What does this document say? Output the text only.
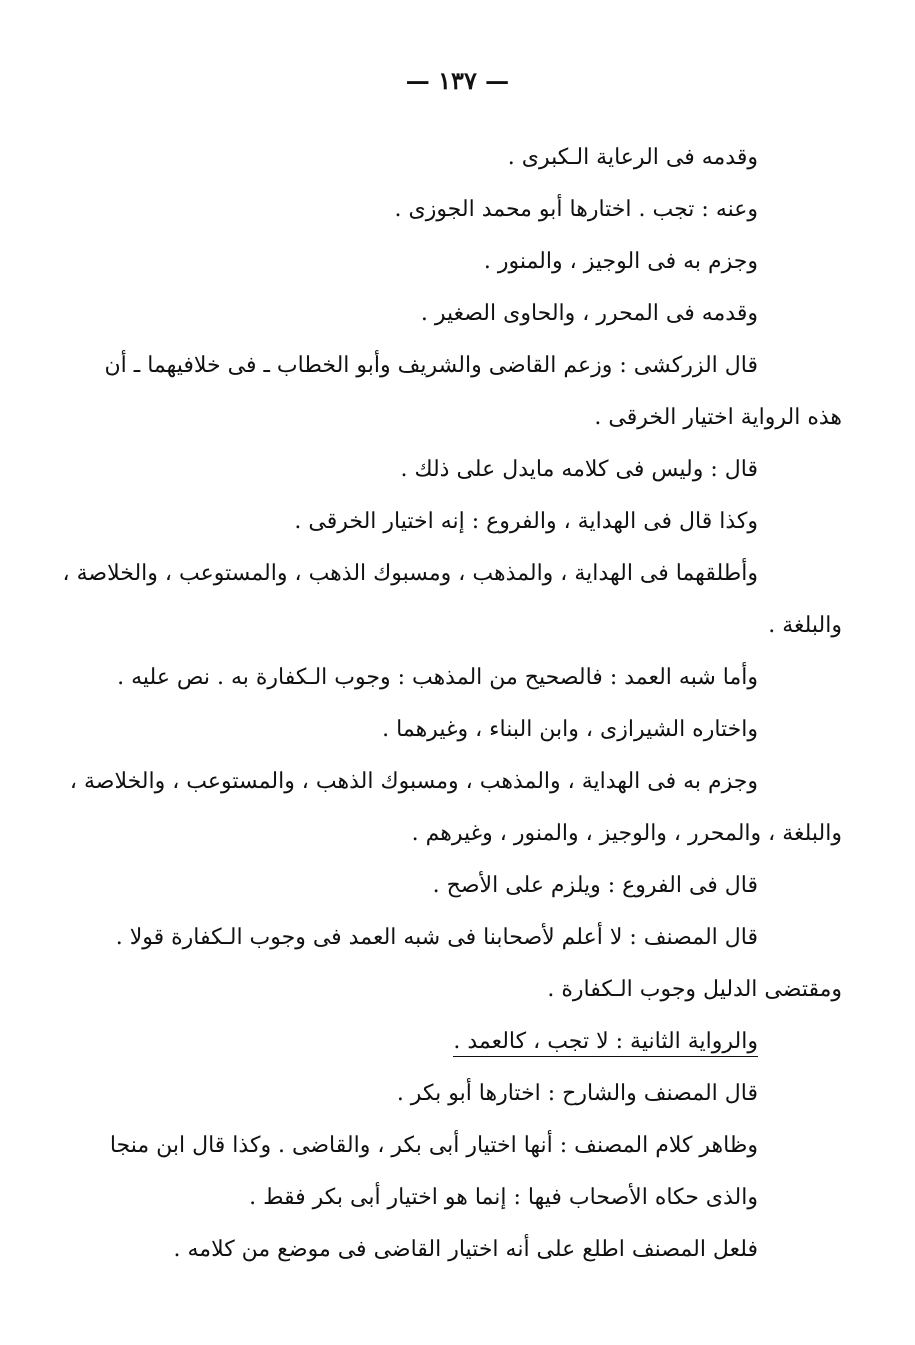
— ١٣٧ —
وقدمه فى الرعاية الـكبرى .
وعنه : تجب . اختارها أبو محمد الجوزى .
وجزم به فى الوجيز ، والمنور .
وقدمه فى المحرر ، والحاوى الصغير .
قال الزركشى : وزعم القاضى والشريف وأبو الخطاب ـ فى خلافيهما ـ أن
هذه الرواية اختيار الخرقى .
قال : وليس فى كلامه مايدل على ذلك .
وكذا قال فى الهداية ، والفروع : إنه اختيار الخرقى .
وأطلقهما فى الهداية ، والمذهب ، ومسبوك الذهب ، والمستوعب ، والخلاصة ،
والبلغة .
وأما شبه العمد : فالصحيح من المذهب : وجوب الـكفارة به . نص عليه .
واختاره الشيرازى ، وابن البناء ، وغيرهما .
وجزم به فى الهداية ، والمذهب ، ومسبوك الذهب ، والمستوعب ، والخلاصة ،
والبلغة ، والمحرر ، والوجيز ، والمنور ، وغيرهم .
قال فى الفروع : ويلزم على الأصح .
قال المصنف : لا أعلم لأصحابنا فى شبه العمد فى وجوب الـكفارة قولا .
ومقتضى الدليل وجوب الـكفارة .
والرواية الثانية : لا تجب ، كالعمد .
قال المصنف والشارح : اختارها أبو بكر .
وظاهر كلام المصنف : أنها اختيار أبى بكر ، والقاضى . وكذا قال ابن منجا
والذى حكاه الأصحاب فيها : إنما هو اختيار أبى بكر فقط .
فلعل المصنف اطلع على أنه اختيار القاضى فى موضع من كلامه .
